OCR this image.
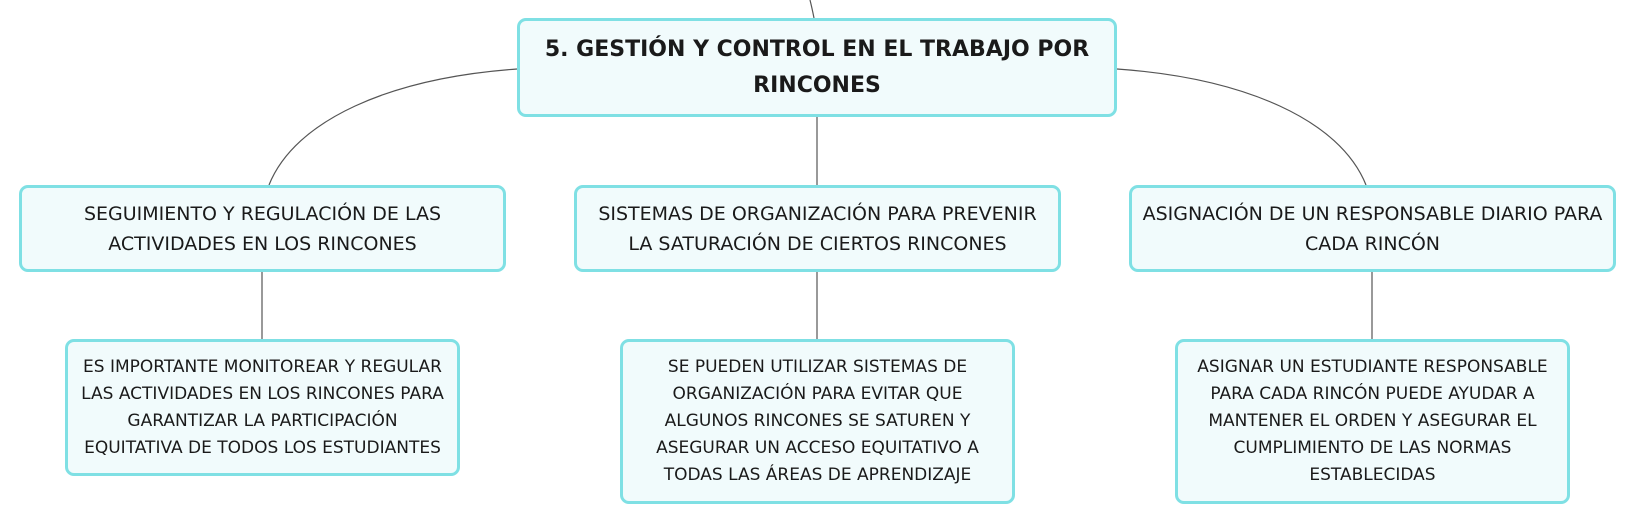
5. GESTIÓN Y CONTROL EN EL TRABAJO POR RINCONES
SEGUIMIENTO Y REGULACIÓN DE LAS ACTIVIDADES EN LOS RINCONES
SISTEMAS DE ORGANIZACIÓN PARA PREVENIR LA SATURACIÓN DE CIERTOS RINCONES
ASIGNACIÓN DE UN RESPONSABLE DIARIO PARA CADA RINCÓN
ES IMPORTANTE MONITOREAR Y REGULAR LAS ACTIVIDADES EN LOS RINCONES PARA GARANTIZAR LA PARTICIPACIÓN EQUITATIVA DE TODOS LOS ESTUDIANTES
SE PUEDEN UTILIZAR SISTEMAS DE ORGANIZACIÓN PARA EVITAR QUE ALGUNOS RINCONES SE SATUREN Y ASEGURAR UN ACCESO EQUITATIVO A TODAS LAS ÁREAS DE APRENDIZAJE
ASIGNAR UN ESTUDIANTE RESPONSABLE PARA CADA RINCÓN PUEDE AYUDAR A MANTENER EL ORDEN Y ASEGURAR EL CUMPLIMIENTO DE LAS NORMAS ESTABLECIDAS
